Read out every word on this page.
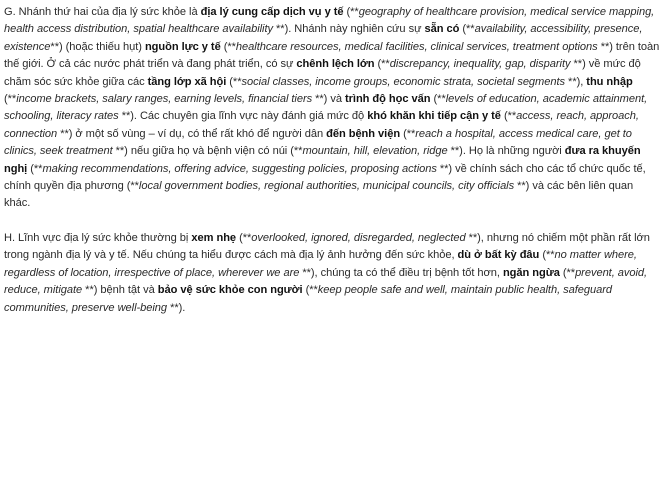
G. Nhánh thứ hai của địa lý sức khỏe là địa lý cung cấp dịch vụ y tế (**geography of healthcare provision, medical service mapping, health access distribution, spatial healthcare availability **). Nhánh này nghiên cứu sự sẵn có (**availability, accessibility, presence, existence**) (hoặc thiếu hụt) nguồn lực y tế (**healthcare resources, medical facilities, clinical services, treatment options **) trên toàn thế giới. Ở cả các nước phát triển và đang phát triển, có sự chênh lệch lớn (**discrepancy, inequality, gap, disparity **) về mức độ chăm sóc sức khỏe giữa các tầng lớp xã hội (**social classes, income groups, economic strata, societal segments **), thu nhập (**income brackets, salary ranges, earning levels, financial tiers **) và trình độ học vấn (**levels of education, academic attainment, schooling, literacy rates **). Các chuyên gia lĩnh vực này đánh giá mức độ khó khăn khi tiếp cận y tế (**access, reach, approach, connection **) ở một số vùng – ví dụ, có thể rất khó để người dân đến bệnh viện (**reach a hospital, access medical care, get to clinics, seek treatment **) nếu giữa họ và bệnh viện có núi (**mountain, hill, elevation, ridge **). Họ là những người đưa ra khuyến nghị (**making recommendations, offering advice, suggesting policies, proposing actions **) về chính sách cho các tổ chức quốc tế, chính quyền địa phương (**local government bodies, regional authorities, municipal councils, city officials **) và các bên liên quan khác.

H. Lĩnh vực địa lý sức khỏe thường bị xem nhẹ (**overlooked, ignored, disregarded, neglected **), nhưng nó chiếm một phần rất lớn trong ngành địa lý và y tế. Nếu chúng ta hiểu được cách mà địa lý ảnh hưởng đến sức khỏe, dù ở bất kỳ đâu (**no matter where, regardless of location, irrespective of place, wherever we are **), chúng ta có thể điều trị bệnh tốt hơn, ngăn ngừa (**prevent, avoid, reduce, mitigate **) bệnh tật và bảo vệ sức khỏe con người (**keep people safe and well, maintain public health, safeguard communities, preserve well-being **).
